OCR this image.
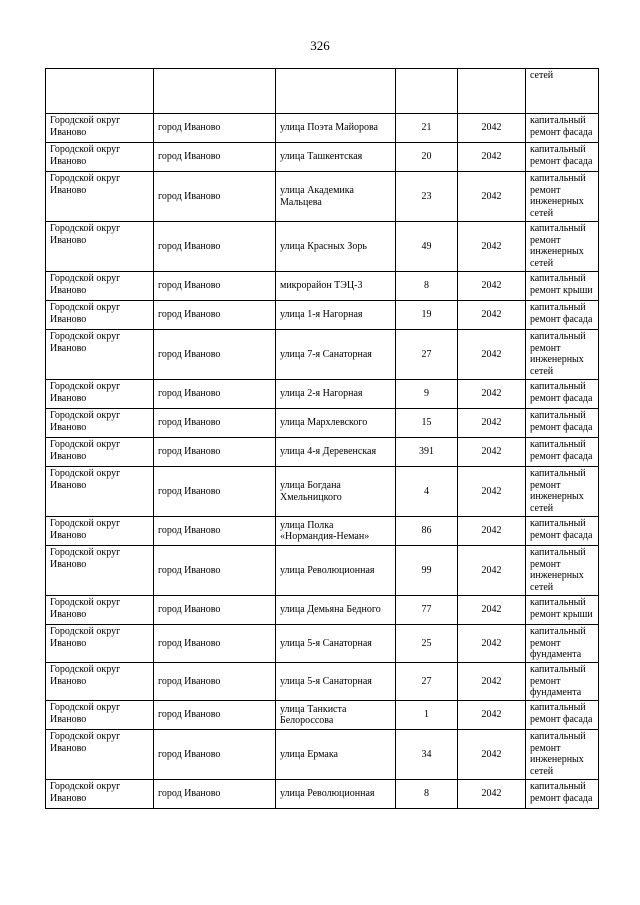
326
					сетей
Городской округ Иваново	город Иваново	улица Поэта Майорова	21	2042	капитальный ремонт фасада
Городской округ Иваново	город Иваново	улица Ташкентская	20	2042	капитальный ремонт фасада
Городской округ Иваново	город Иваново	улица Академика Мальцева	23	2042	капитальный ремонт инженерных сетей
Городской округ Иваново	город Иваново	улица Красных Зорь	49	2042	капитальный ремонт инженерных сетей
Городской округ Иваново	город Иваново	микрорайон ТЭЦ-3	8	2042	капитальный ремонт крыши
Городской округ Иваново	город Иваново	улица 1-я Нагорная	19	2042	капитальный ремонт фасада
Городской округ Иваново	город Иваново	улица 7-я Санаторная	27	2042	капитальный ремонт инженерных сетей
Городской округ Иваново	город Иваново	улица 2-я Нагорная	9	2042	капитальный ремонт фасада
Городской округ Иваново	город Иваново	улица Мархлевского	15	2042	капитальный ремонт фасада
Городской округ Иваново	город Иваново	улица 4-я Деревенская	391	2042	капитальный ремонт фасада
Городской округ Иваново	город Иваново	улица Богдана Хмельницкого	4	2042	капитальный ремонт инженерных сетей
Городской округ Иваново	город Иваново	улица Полка «Нормандия-Неман»	86	2042	капитальный ремонт фасада
Городской округ Иваново	город Иваново	улица Революционная	99	2042	капитальный ремонт инженерных сетей
Городской округ Иваново	город Иваново	улица Демьяна Бедного	77	2042	капитальный ремонт крыши
Городской округ Иваново	город Иваново	улица 5-я Санаторная	25	2042	капитальный ремонт фундамента
Городской округ Иваново	город Иваново	улица 5-я Санаторная	27	2042	капитальный ремонт фундамента
Городской округ Иваново	город Иваново	улица Танкиста Белороссова	1	2042	капитальный ремонт фасада
Городской округ Иваново	город Иваново	улица Ермака	34	2042	капитальный ремонт инженерных сетей
Городской округ Иваново	город Иваново	улица Революционная	8	2042	капитальный ремонт фасада
